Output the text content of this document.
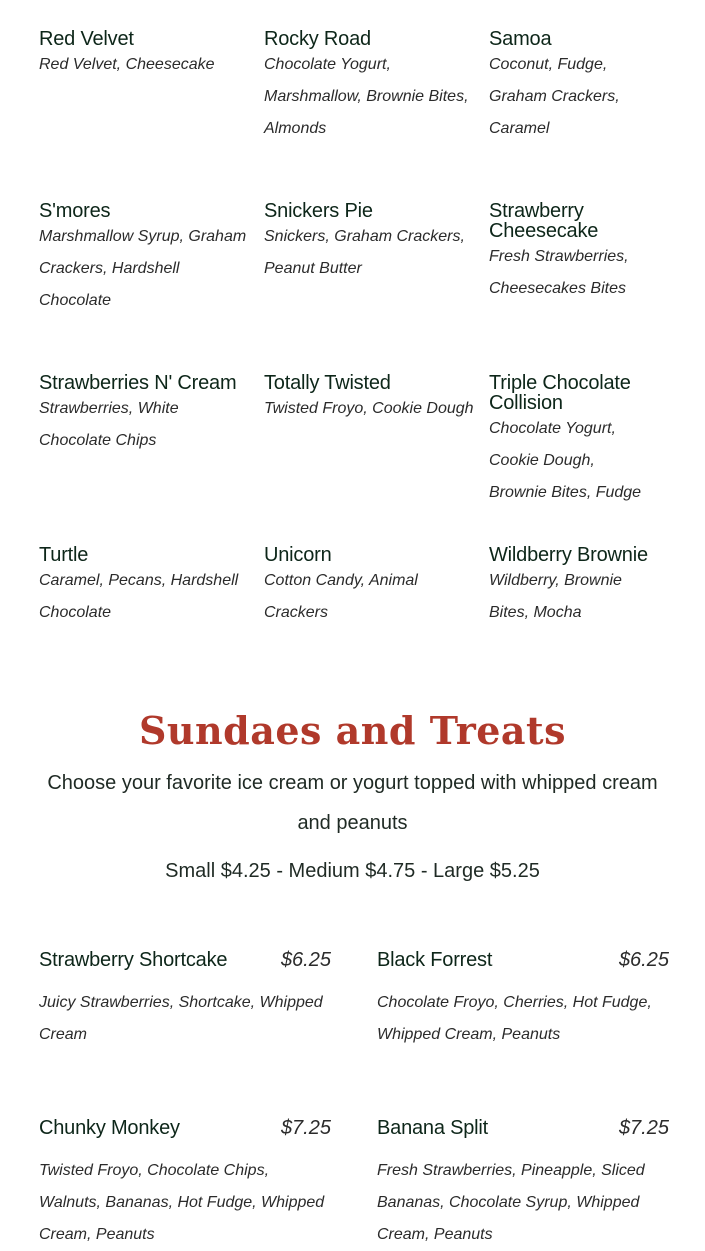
Red Velvet
Red Velvet, Cheesecake
Rocky Road
Chocolate Yogurt, Marshmallow, Brownie Bites, Almonds
Samoa
Coconut, Fudge, Graham Crackers, Caramel
S'mores
Marshmallow Syrup, Graham Crackers, Hardshell Chocolate
Snickers Pie
Snickers, Graham Crackers, Peanut Butter
Strawberry Cheesecake
Fresh Strawberries, Cheesecakes Bites
Strawberries N' Cream
Strawberries, White Chocolate Chips
Totally Twisted
Twisted Froyo, Cookie Dough
Triple Chocolate Collision
Chocolate Yogurt, Cookie Dough, Brownie Bites, Fudge
Turtle
Caramel, Pecans, Hardshell Chocolate
Unicorn
Cotton Candy, Animal Crackers
Wildberry Brownie
Wildberry, Brownie Bites, Mocha
Sundaes and Treats
Choose your favorite ice cream or yogurt topped with whipped cream and peanuts
Small $4.25 - Medium $4.75 - Large $5.25
Strawberry Shortcake	$6.25
Juicy Strawberries, Shortcake, Whipped Cream
Black Forrest	$6.25
Chocolate Froyo, Cherries, Hot Fudge, Whipped Cream, Peanuts
Chunky Monkey	$7.25
Twisted Froyo, Chocolate Chips, Walnuts, Bananas, Hot Fudge, Whipped Cream, Peanuts
Banana Split	$7.25
Fresh Strawberries, Pineapple, Sliced Bananas, Chocolate Syrup, Whipped Cream, Peanuts
